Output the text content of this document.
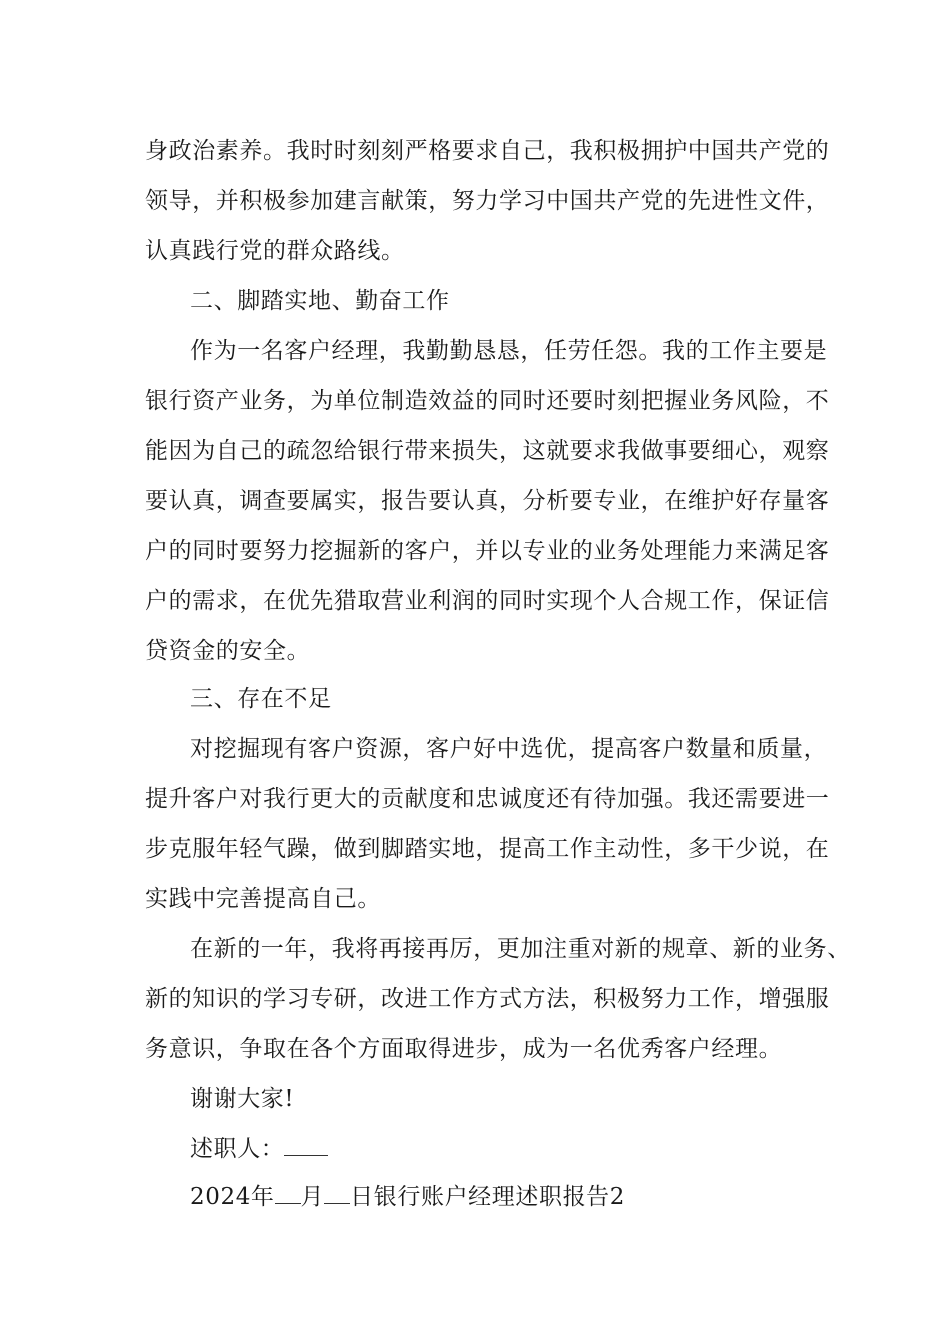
身政治素养。我时时刻刻严格要求自己，我积极拥护中国共产党的
领导，并积极参加建言献策，努力学习中国共产党的先进性文件，
认真践行党的群众路线。
二、脚踏实地、勤奋工作
作为一名客户经理，我勤勤恳恳，任劳任怨。我的工作主要是
银行资产业务，为单位制造效益的同时还要时刻把握业务风险，不
能因为自己的疏忽给银行带来损失，这就要求我做事要细心，观察
要认真，调查要属实，报告要认真，分析要专业，在维护好存量客
户的同时要努力挖掘新的客户，并以专业的业务处理能力来满足客
户的需求，在优先猎取营业利润的同时实现个人合规工作，保证信
贷资金的安全。
三、存在不足
对挖掘现有客户资源，客户好中选优，提高客户数量和质量，
提升客户对我行更大的贡献度和忠诚度还有待加强。我还需要进一
步克服年轻气躁，做到脚踏实地，提高工作主动性，多干少说，在
实践中完善提高自己。
在新的一年，我将再接再厉，更加注重对新的规章、新的业务、
新的知识的学习专研，改进工作方式方法，积极努力工作，增强服
务意识，争取在各个方面取得进步，成为一名优秀客户经理。
谢谢大家!
述职人：
2024年 月 日银行账户经理述职报告2
